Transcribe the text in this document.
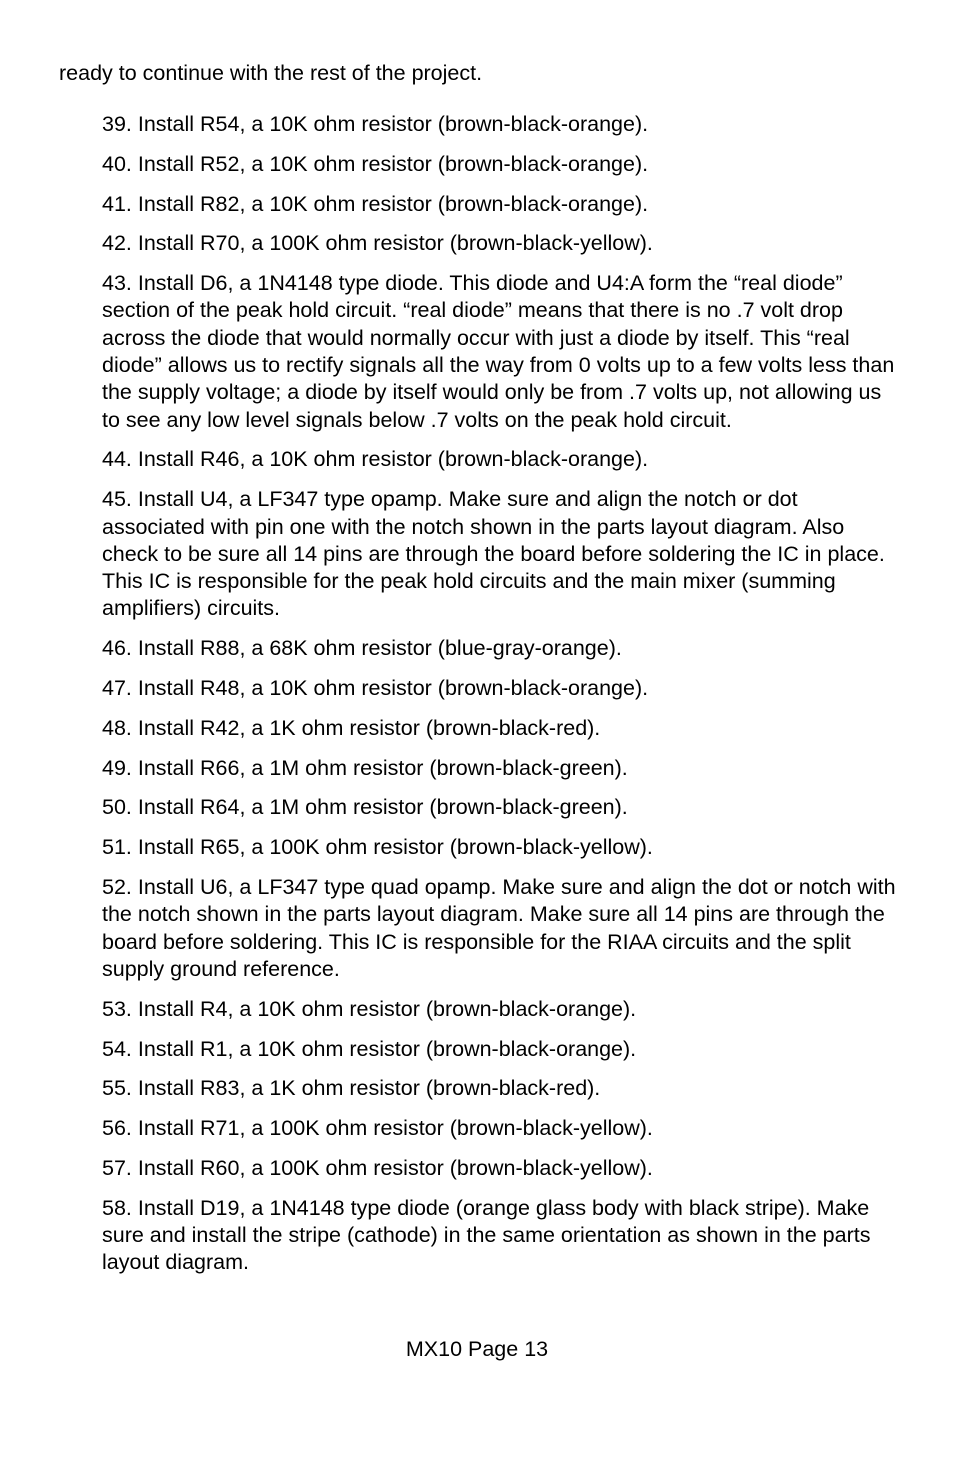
ready to continue with the rest of the project.

39. Install R54, a 10K ohm resistor (brown-black-orange).
40. Install R52, a 10K ohm resistor (brown-black-orange).
41. Install R82, a 10K ohm resistor (brown-black-orange).
42. Install R70, a 100K ohm resistor (brown-black-yellow).
43. Install D6, a 1N4148 type diode. This diode and U4:A form the “real diode” section of the peak hold circuit. “real diode” means that there is no .7 volt drop across the diode that would normally occur with just a diode by itself. This “real diode” allows us to rectify signals all the way from 0 volts up to a few volts less than the supply voltage; a diode by itself would only be from .7 volts up, not allowing us to see any low level signals below .7 volts on the peak hold circuit.
44. Install R46, a 10K ohm resistor (brown-black-orange).
45. Install U4, a LF347 type opamp. Make sure and align the notch or dot associated with pin one with the notch shown in the parts layout diagram. Also check to be sure all 14 pins are through the board before soldering the IC in place. This IC is responsible for the peak hold circuits and the main mixer (summing amplifiers) circuits.
46. Install R88, a 68K ohm resistor (blue-gray-orange).
47. Install R48, a 10K ohm resistor (brown-black-orange).
48. Install R42, a 1K ohm resistor (brown-black-red).
49. Install R66, a 1M ohm resistor (brown-black-green).
50. Install R64, a 1M ohm resistor (brown-black-green).
51. Install R65, a 100K ohm resistor (brown-black-yellow).
52. Install U6, a LF347 type quad opamp. Make sure and align the dot or notch with the notch shown in the parts layout diagram. Make sure all 14 pins are through the board before soldering. This IC is responsible for the RIAA circuits and the split supply ground reference.
53. Install R4, a 10K ohm resistor (brown-black-orange).
54. Install R1, a 10K ohm resistor (brown-black-orange).
55. Install R83, a 1K ohm resistor (brown-black-red).
56. Install R71, a 100K ohm resistor (brown-black-yellow).
57. Install R60, a 100K ohm resistor (brown-black-yellow).
58. Install D19, a 1N4148 type diode (orange glass body with black stripe). Make sure and install the stripe (cathode) in the same orientation as shown in the parts layout diagram.

MX10 Page 13
